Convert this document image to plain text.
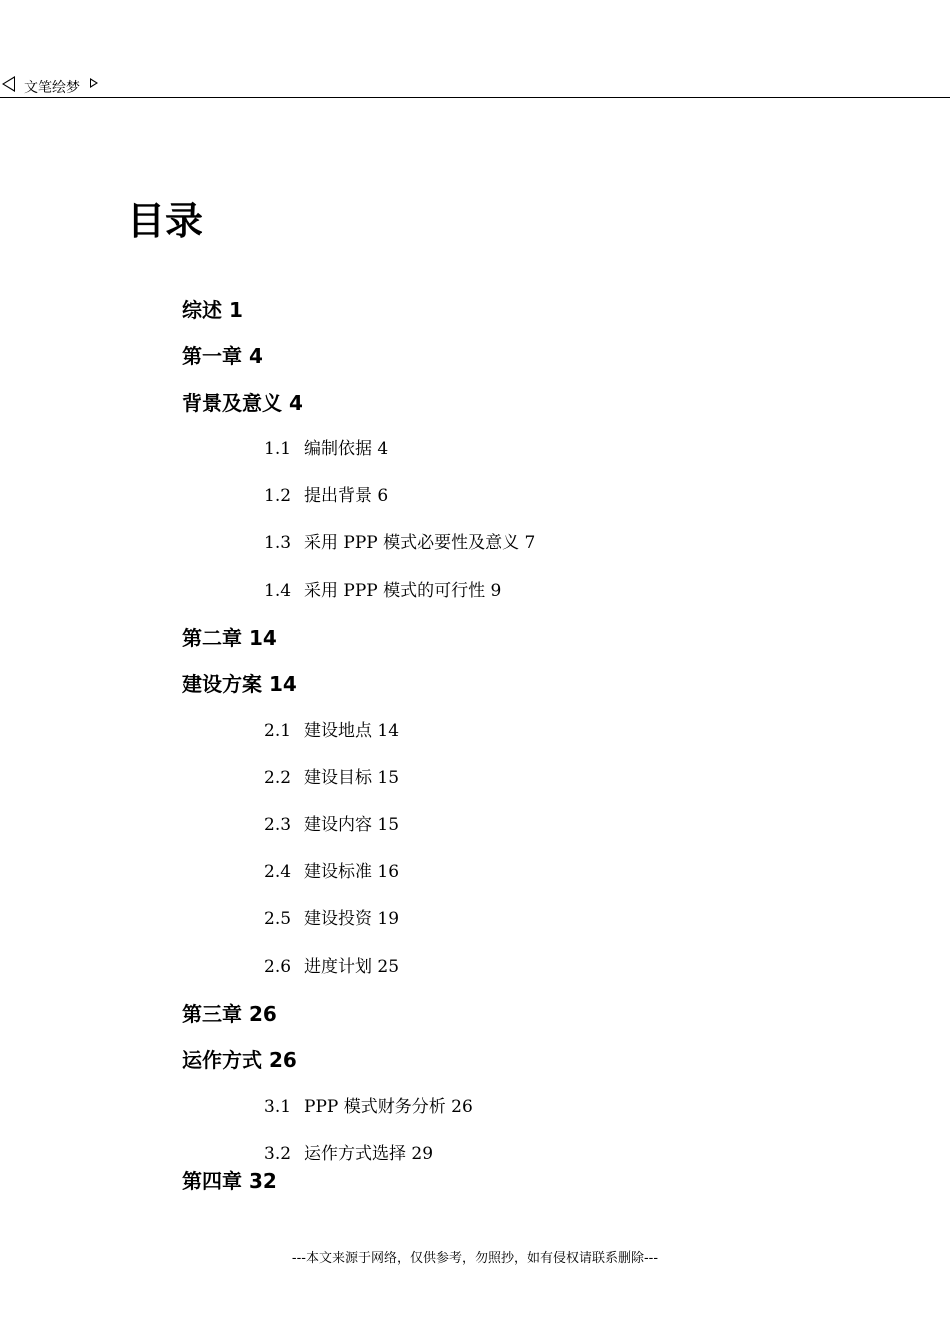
文笔绘梦
目录
综述 1
第一章 4
背景及意义 4
1.1 编制依据 4
1.2 提出背景 6
1.3 采用 PPP 模式必要性及意义 7
1.4 采用 PPP 模式的可行性 9
第二章 14
建设方案 14
2.1 建设地点 14
2.2 建设目标 15
2.3 建设内容 15
2.4 建设标准 16
2.5 建设投资 19
2.6 进度计划 25
第三章 26
运作方式 26
3.1 PPP 模式财务分析 26
3.2 运作方式选择 29
第四章 32
---本文来源于网络，仅供参考，勿照抄，如有侵权请联系删除---
